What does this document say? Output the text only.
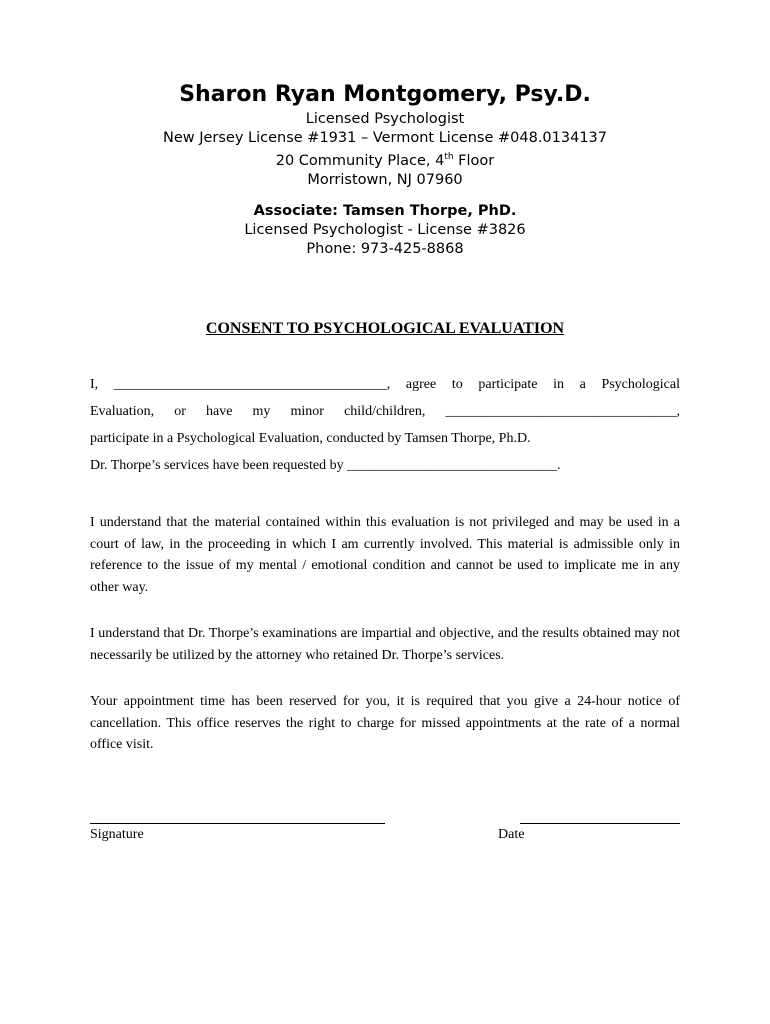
Sharon Ryan Montgomery, Psy.D.

Licensed Psychologist

New Jersey License #1931 – Vermont License #048.0134137

20 Community Place, 4th Floor

Morristown, NJ 07960

Associate: Tamsen Thorpe, PhD.

Licensed Psychologist - License #3826

Phone: 973-425-8868

CONSENT TO PSYCHOLOGICAL EVALUATION

I, _______________________________________, agree to participate in a Psychological
Evaluation, or have my minor child/children, _________________________________,

participate in a Psychological Evaluation, conducted by Tamsen Thorpe, Ph.D.

Dr. Thorpe’s services have been requested by ______________________________.

I understand that the material contained within this evaluation is not privileged and may be used in a court of law, in the proceeding in which I am currently involved. This material is admissible only in reference to the issue of my mental / emotional condition and cannot be used to implicate me in any other way.

I understand that Dr. Thorpe’s examinations are impartial and objective, and the results obtained may not necessarily be utilized by the attorney who retained Dr. Thorpe’s services.

Your appointment time has been reserved for you, it is required that you give a 24-hour notice of cancellation. This office reserves the right to charge for missed appointments at the rate of a normal office visit.

Signature	Date
